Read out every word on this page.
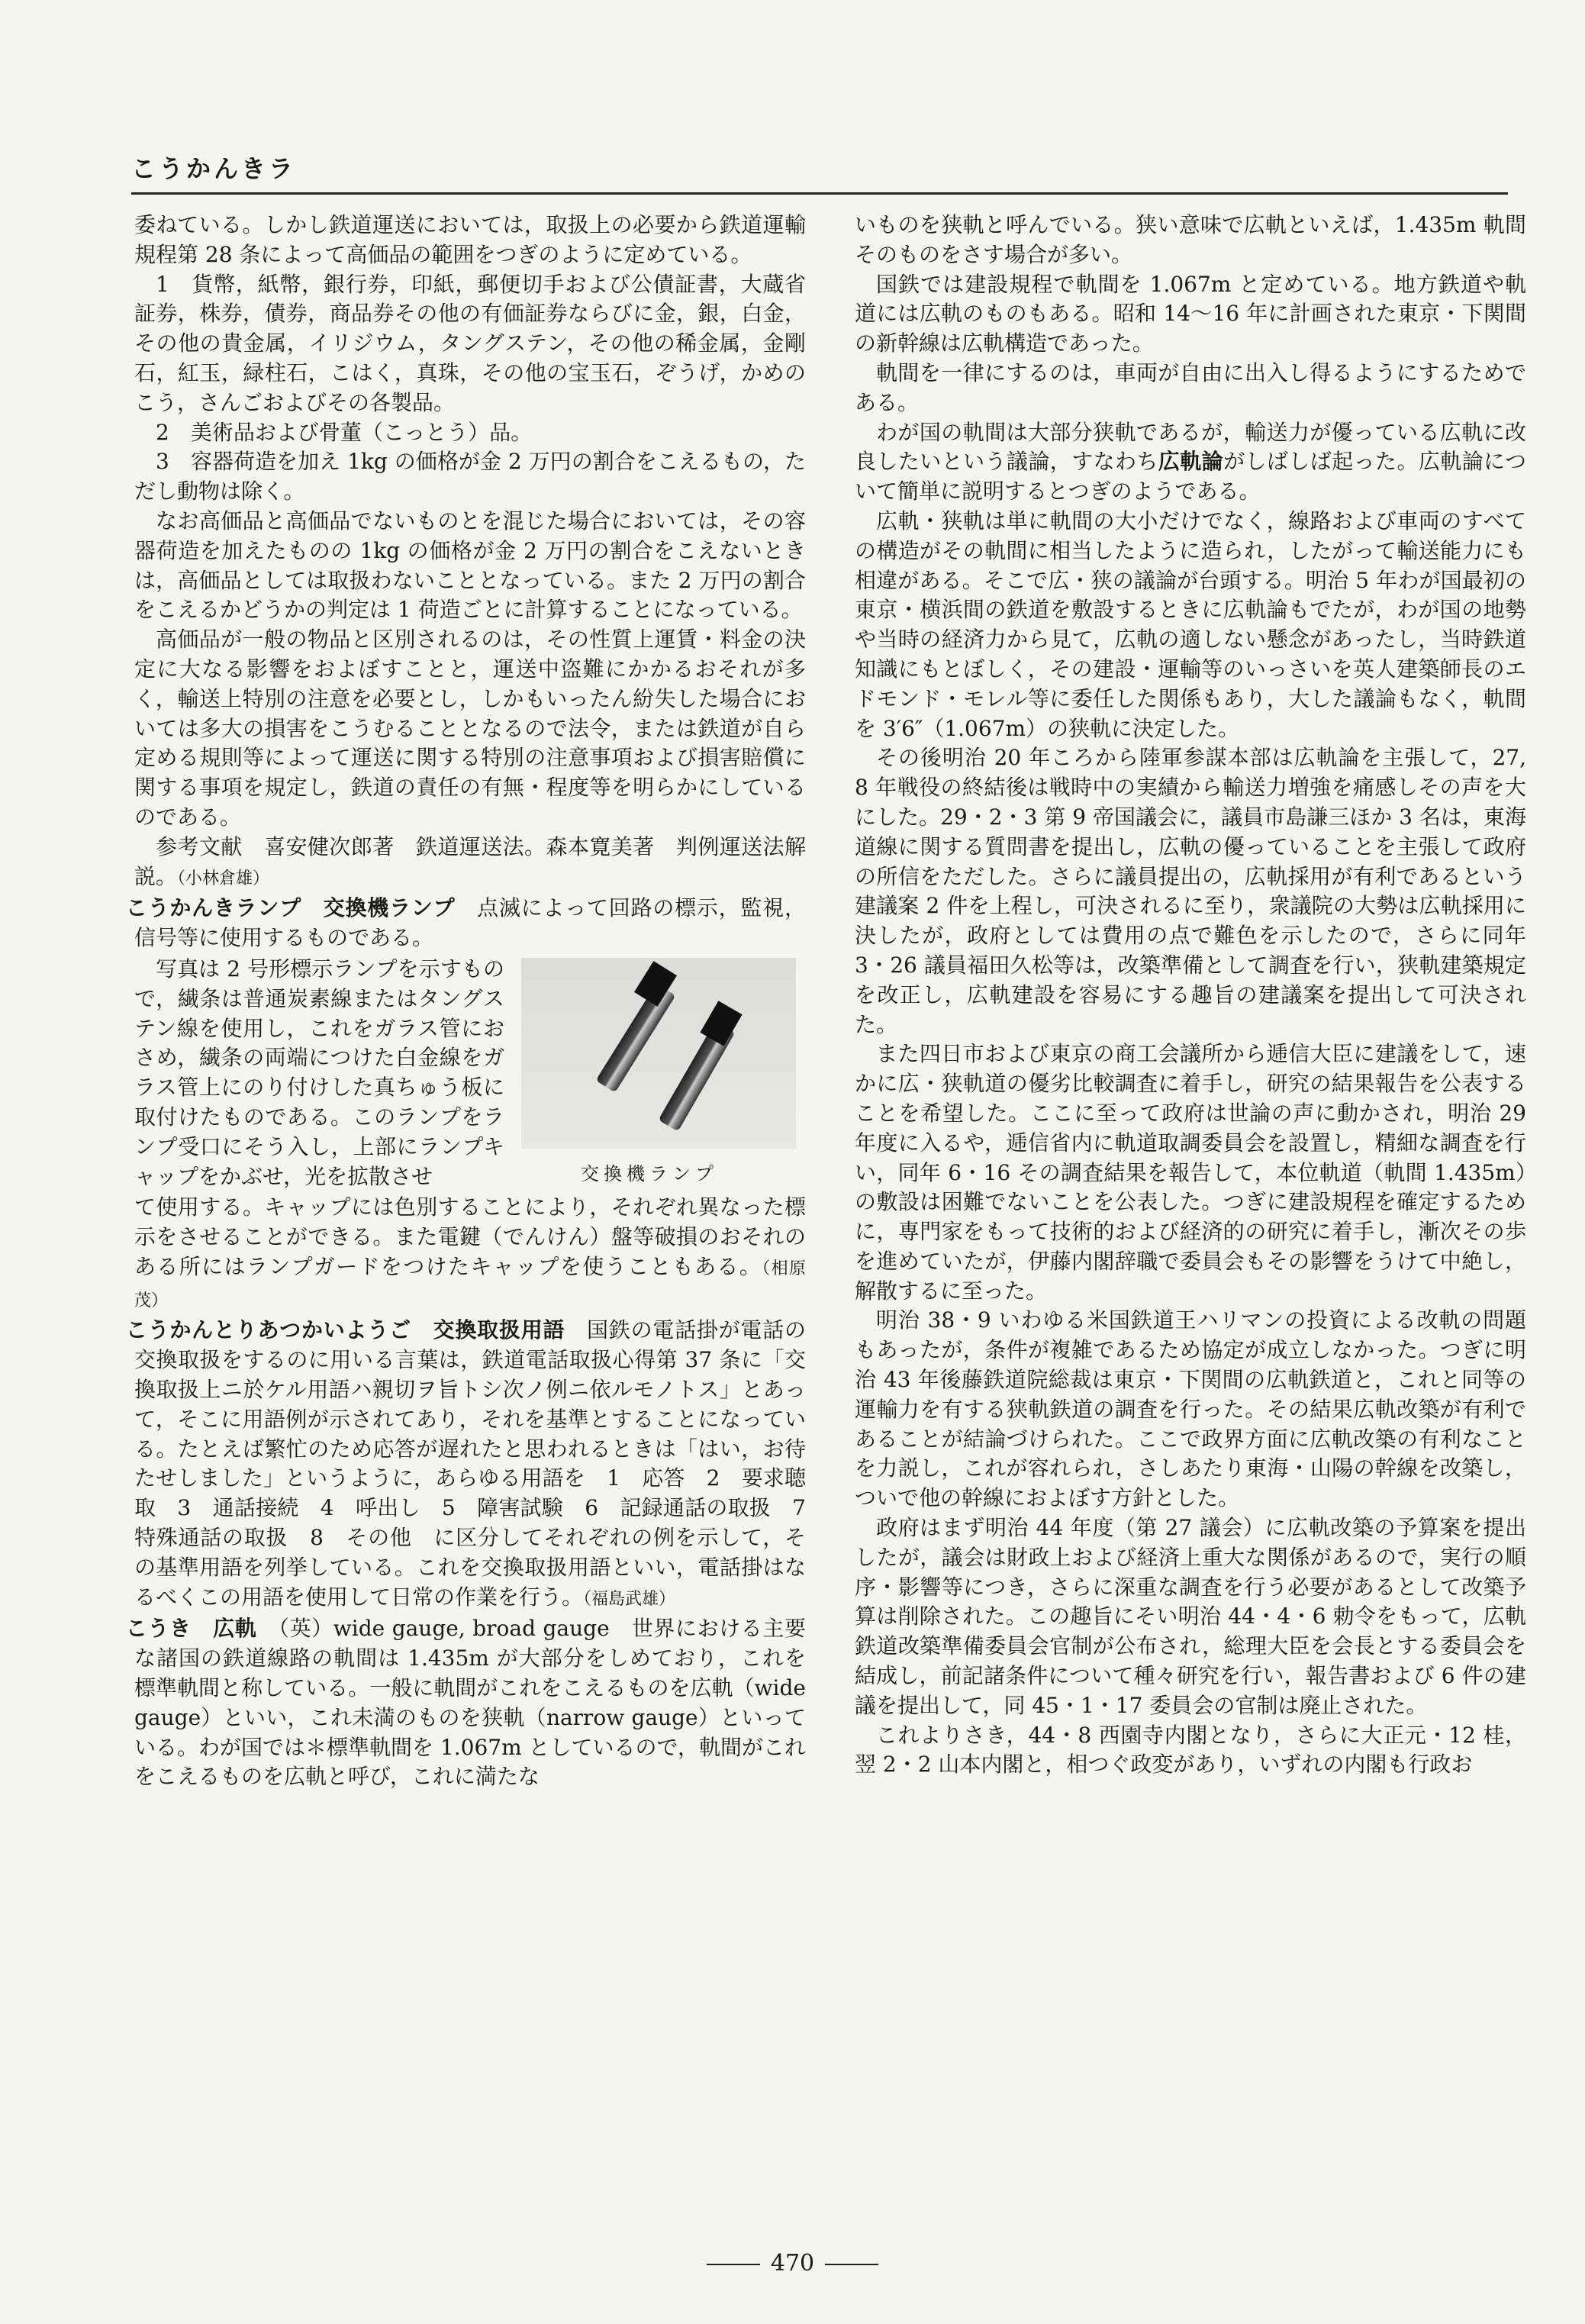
こうかんきラ

委ねている。しかし鉄道運送においては，取扱上の必要から鉄道運輸規程第 28 条によって高価品の範囲をつぎのように定めている。

1　貨幣，紙幣，銀行券，印紙，郵便切手および公債証書，大蔵省証券，株券，債券，商品券その他の有価証券ならびに金，銀，白金，その他の貴金属，イリジウム，タングステン，その他の稀金属，金剛石，紅玉，緑柱石，こはく，真珠，その他の宝玉石，ぞうげ，かめのこう，さんごおよびその各製品。

2　美術品および骨董（こっとう）品。

3　容器荷造を加え 1kg の価格が金 2 万円の割合をこえるもの，ただし動物は除く。

なお高価品と高価品でないものとを混じた場合においては，その容器荷造を加えたものの 1kg の価格が金 2 万円の割合をこえないときは，高価品としては取扱わないこととなっている。また 2 万円の割合をこえるかどうかの判定は 1 荷造ごとに計算することになっている。

高価品が一般の物品と区別されるのは，その性質上運賃・料金の決定に大なる影響をおよぼすことと，運送中盗難にかかるおそれが多く，輸送上特別の注意を必要とし，しかもいったん紛失した場合においては多大の損害をこうむることとなるので法令，または鉄道が自ら定める規則等によって運送に関する特別の注意事項および損害賠償に関する事項を規定し，鉄道の責任の有無・程度等を明らかにしているのである。

参考文献　喜安健次郎著　鉄道運送法。森本寛美著　判例運送法解説。（小林倉雄）

こうかんきランプ　交換機ランプ　 点滅によって回路の標示，監視，信号等に使用するものである。

写真は 2 号形標示ランプを示すもので，繊条は普通炭素線またはタングステン線を使用し，これをガラス管におさめ，繊条の両端につけた白金線をガラス管上にのり付けした真ちゅう板に取付けたものである。このランプをランプ受口にそう入し，上部にランプキャップをかぶせ，光を拡散させ	交換機ランプ

て使用する。キャップには色別することにより，それぞれ異なった標示をさせることができる。また電鍵（でんけん）盤等破損のおそれのある所にはランプガードをつけたキャップを使うこともある。（相原　茂）

こうかんとりあつかいようご　交換取扱用語　 国鉄の電話掛が電話の交換取扱をするのに用いる言葉は，鉄道電話取扱心得第 37 条に「交換取扱上ニ於ケル用語ハ親切ヲ旨トシ次ノ例ニ依ルモノトス」とあって，そこに用語例が示されてあり，それを基準とすることになっている。たとえば繁忙のため応答が遅れたと思われるときは「はい，お待たせしました」というように，あらゆる用語を　1　応答　2　要求聴取　3　通話接続　4　呼出し　5　障害試験　6　記録通話の取扱　7　特殊通話の取扱　8　その他　に区分してそれぞれの例を示して，その基準用語を列挙している。これを交換取扱用語といい，電話掛はなるべくこの用語を使用して日常の作業を行う。（福島武雄）

こうき　広軌　 （英）wide gauge, broad gauge　世界における主要な諸国の鉄道線路の軌間は 1.435m が大部分をしめており，これを標準軌間と称している。一般に軌間がこれをこえるものを広軌（wide gauge）といい，これ未満のものを狭軌（narrow gauge）といっている。わが国では＊標準軌間を 1.067m としているので，軌間がこれをこえるものを広軌と呼び，これに満たな

いものを狭軌と呼んでいる。狭い意味で広軌といえば，1.435m 軌間そのものをさす場合が多い。

国鉄では建設規程で軌間を 1.067m と定めている。地方鉄道や軌道には広軌のものもある。昭和 14～16 年に計画された東京・下関間の新幹線は広軌構造であった。

軌間を一律にするのは，車両が自由に出入し得るようにするためである。

わが国の軌間は大部分狭軌であるが，輸送力が優っている広軌に改良したいという議論，すなわち広軌論がしばしば起った。広軌論について簡単に説明するとつぎのようである。

広軌・狭軌は単に軌間の大小だけでなく，線路および車両のすべての構造がその軌間に相当したように造られ，したがって輸送能力にも相違がある。そこで広・狭の議論が台頭する。明治 5 年わが国最初の東京・横浜間の鉄道を敷設するときに広軌論もでたが，わが国の地勢や当時の経済力から見て，広軌の適しない懸念があったし，当時鉄道知識にもとぼしく，その建設・運輸等のいっさいを英人建築師長のエドモンド・モレル等に委任した関係もあり，大した議論もなく，軌間を 3′6″（1.067m）の狭軌に決定した。

その後明治 20 年ころから陸軍参謀本部は広軌論を主張して，27, 8 年戦役の終結後は戦時中の実績から輸送力増強を痛感しその声を大にした。29・2・3 第 9 帝国議会に，議員市島謙三ほか 3 名は，東海道線に関する質問書を提出し，広軌の優っていることを主張して政府の所信をただした。さらに議員提出の，広軌採用が有利であるという建議案 2 件を上程し，可決されるに至り，衆議院の大勢は広軌採用に決したが，政府としては費用の点で難色を示したので，さらに同年 3・26 議員福田久松等は，改築準備として調査を行い，狭軌建築規定を改正し，広軌建設を容易にする趣旨の建議案を提出して可決された。

また四日市および東京の商工会議所から逓信大臣に建議をして，速かに広・狭軌道の優劣比較調査に着手し，研究の結果報告を公表することを希望した。ここに至って政府は世論の声に動かされ，明治 29 年度に入るや，逓信省内に軌道取調委員会を設置し，精細な調査を行い，同年 6・16 その調査結果を報告して，本位軌道（軌間 1.435m）の敷設は困難でないことを公表した。つぎに建設規程を確定するために，専門家をもって技術的および経済的の研究に着手し，漸次その歩を進めていたが，伊藤内閣辞職で委員会もその影響をうけて中絶し，解散するに至った。

明治 38・9 いわゆる米国鉄道王ハリマンの投資による改軌の問題もあったが，条件が複雑であるため協定が成立しなかった。つぎに明治 43 年後藤鉄道院総裁は東京・下関間の広軌鉄道と，これと同等の運輸力を有する狭軌鉄道の調査を行った。その結果広軌改築が有利であることが結論づけられた。ここで政界方面に広軌改築の有利なことを力説し，これが容れられ，さしあたり東海・山陽の幹線を改築し，ついで他の幹線におよぼす方針とした。

政府はまず明治 44 年度（第 27 議会）に広軌改築の予算案を提出したが，議会は財政上および経済上重大な関係があるので，実行の順序・影響等につき，さらに深重な調査を行う必要があるとして改築予算は削除された。この趣旨にそい明治 44・4・6 勅令をもって，広軌鉄道改築準備委員会官制が公布され，総理大臣を会長とする委員会を結成し，前記諸条件について種々研究を行い，報告書および 6 件の建議を提出して，同 45・1・17 委員会の官制は廃止された。

これよりさき，44・8 西園寺内閣となり，さらに大正元・12 桂，翌 2・2 山本内閣と，相つぐ政変があり，いずれの内閣も行政お

470
